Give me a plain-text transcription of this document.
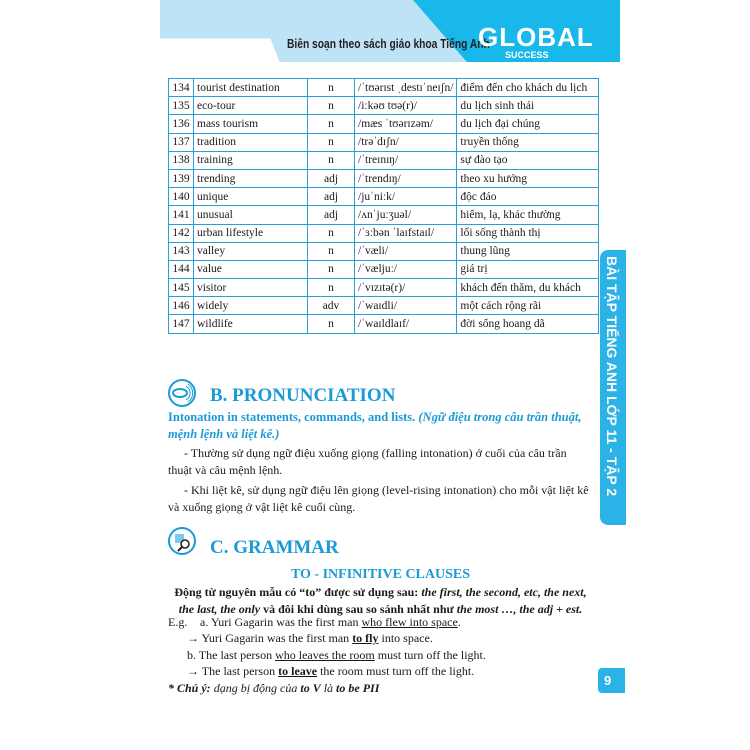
Biên soạn theo sách giáo khoa Tiếng Anh
GLOBAL
SUCCESS
134	tourist destination	n	/ˈtʊərɪst ˌdestɪˈneɪʃn/	điểm đến cho khách du lịch
135	eco-tour	n	/iːkəʊ tʊə(r)/	du lịch sinh thái
136	mass tourism	n	/mæs ˈtʊərɪzəm/	du lịch đại chúng
137	tradition	n	/trəˈdɪʃn/	truyền thống
138	training	n	/ˈtreɪnɪŋ/	sự đào tạo
139	trending	adj	/ˈtrendɪŋ/	theo xu hướng
140	unique	adj	/juˈniːk/	độc đáo
141	unusual	adj	/ʌnˈjuːʒuəl/	hiếm, lạ, khác thường
142	urban lifestyle	n	/ˈɜːbən ˈlaɪfstaɪl/	lối sống thành thị
143	valley	n	/ˈvæli/	thung lũng
144	value	n	/ˈvæljuː/	giá trị
145	visitor	n	/ˈvɪzɪtə(r)/	khách đến thăm, du khách
146	widely	adv	/ˈwaɪdli/	một cách rộng rãi
147	wildlife	n	/ˈwaɪldlaɪf/	đời sống hoang dã
B. PRONUNCIATION
Intonation in statements, commands, and lists. (Ngữ điệu trong câu trần thuật, mệnh lệnh và liệt kê.)
- Thường sử dụng ngữ điệu xuống giọng (falling intonation) ở cuối của câu trần thuật và câu mệnh lệnh.
- Khi liệt kê, sử dụng ngữ điệu lên giọng (level-rising intonation) cho mỗi vật liệt kê và xuống giọng ở vật liệt kê cuối cùng.
C. GRAMMAR
TO - INFINITIVE CLAUSES
Động từ nguyên mẫu có “to” được sử dụng sau: the first, the second, etc, the next, the last, the only và đôi khi dùng sau so sánh nhất như the most …, the adj + est.
E.g. a. Yuri Gagarin was the first man who flew into space.
→ Yuri Gagarin was the first man to fly into space.
b. The last person who leaves the room must turn off the light.
→ The last person to leave the room must turn off the light.
* Chú ý: dạng bị động của to V là to be PII
BÀI TẬP TIẾNG ANH LỚP 11 - TẬP 2
9
